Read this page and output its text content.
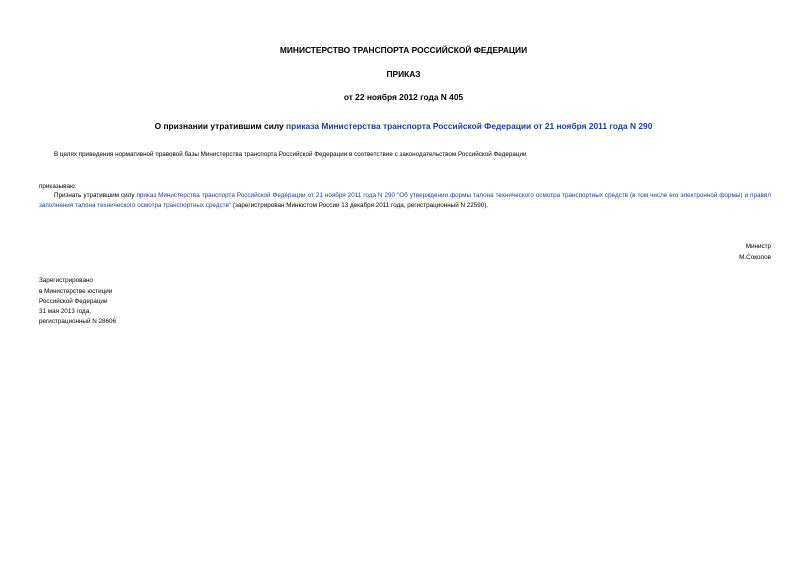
МИНИСТЕРСТВО ТРАНСПОРТА РОССИЙСКОЙ ФЕДЕРАЦИИ
ПРИКАЗ
от 22 ноября 2012 года N 405
О признании утратившим силу приказа Министерства транспорта Российской Федерации от 21 ноября 2011 года N 290
В целях приведения нормативной правовой базы Министерства транспорта Российской Федерации в соответствие с законодательством Российской Федерации
приказываю:
Признать утратившим силу приказ Министерства транспорта Российской Федерации от 21 ноября 2011 года N 290 "Об утверждении формы талона технического осмотра транспортных средств (в том числе его электронной формы) и правил заполнения талона технического осмотра транспортных средств" (зарегистрирован Минюстом России 13 декабря 2011 года, регистрационный N 22590).
Министр
М.Соколов
Зарегистрировано
в Министерстве юстиции
Российской Федерации
31 мая 2013 года,
регистрационный N 28606
